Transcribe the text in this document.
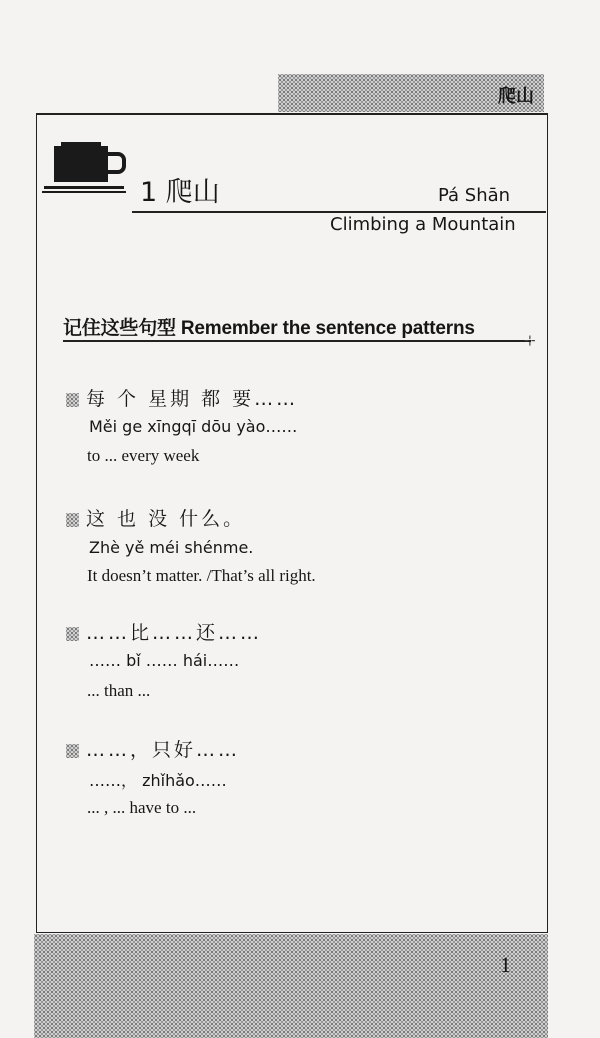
爬山
1 爬山	Pá Shān
Climbing a Mountain
记住这些句型 Remember the sentence patterns
⊹
每 个 星期 都 要……
Měi ge xīngqī dōu yào……
to ... every week
这 也 没 什么。
Zhè yě méi shénme.
It doesn’t matter. /That’s all right.
……比……还……
…… bǐ …… hái……
... than ...
……，只好……
……， zhǐhǎo……
... , ... have to ...
1
